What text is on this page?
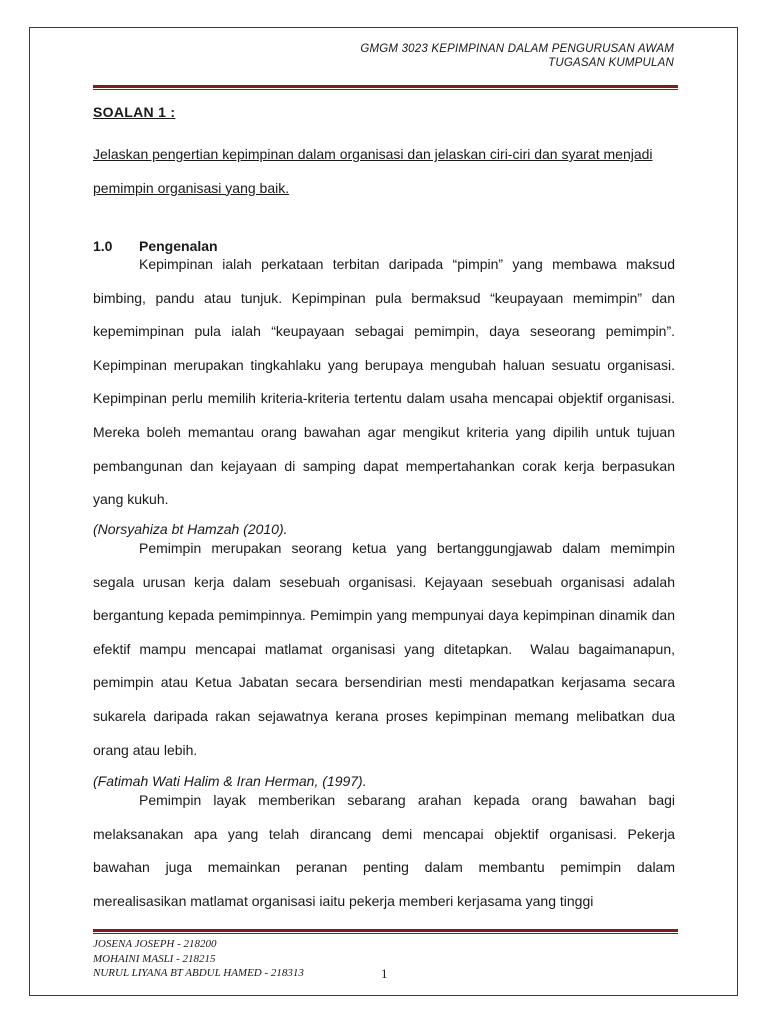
GMGM 3023 KEPIMPINAN DALAM PENGURUSAN AWAM
TUGASAN KUMPULAN
SOALAN 1 :
Jelaskan pengertian kepimpinan dalam organisasi dan jelaskan ciri-ciri dan syarat menjadi pemimpin organisasi yang baik.
1.0 Pengenalan
Kepimpinan ialah perkataan terbitan daripada “pimpin” yang membawa maksud bimbing, pandu atau tunjuk. Kepimpinan pula bermaksud “keupayaan memimpin” dan kepemimpinan pula ialah “keupayaan sebagai pemimpin, daya seseorang pemimpin”. Kepimpinan merupakan tingkahlaku yang berupaya mengubah haluan sesuatu organisasi. Kepimpinan perlu memilih kriteria-kriteria tertentu dalam usaha mencapai objektif organisasi. Mereka boleh memantau orang bawahan agar mengikut kriteria yang dipilih untuk tujuan pembangunan dan kejayaan di samping dapat mempertahankan corak kerja berpasukan yang kukuh.
(Norsyahiza bt Hamzah (2010).
Pemimpin merupakan seorang ketua yang bertanggungjawab dalam memimpin segala urusan kerja dalam sesebuah organisasi. Kejayaan sesebuah organisasi adalah bergantung kepada pemimpinnya. Pemimpin yang mempunyai daya kepimpinan dinamik dan efektif mampu mencapai matlamat organisasi yang ditetapkan.  Walau bagaimanapun, pemimpin atau Ketua Jabatan secara bersendirian mesti mendapatkan kerjasama secara sukarela daripada rakan sejawatnya kerana proses kepimpinan memang melibatkan dua orang atau lebih.
(Fatimah Wati Halim & Iran Herman, (1997).
Pemimpin layak memberikan sebarang arahan kepada orang bawahan bagi melaksanakan apa yang telah dirancang demi mencapai objektif organisasi. Pekerja bawahan juga memainkan peranan penting dalam membantu pemimpin dalam merealisasikan matlamat organisasi iaitu pekerja memberi kerjasama yang tinggi
JOSENA JOSEPH - 218200
MOHAINI MASLI - 218215
NURUL LIYANA BT ABDUL HAMED - 218313	1
